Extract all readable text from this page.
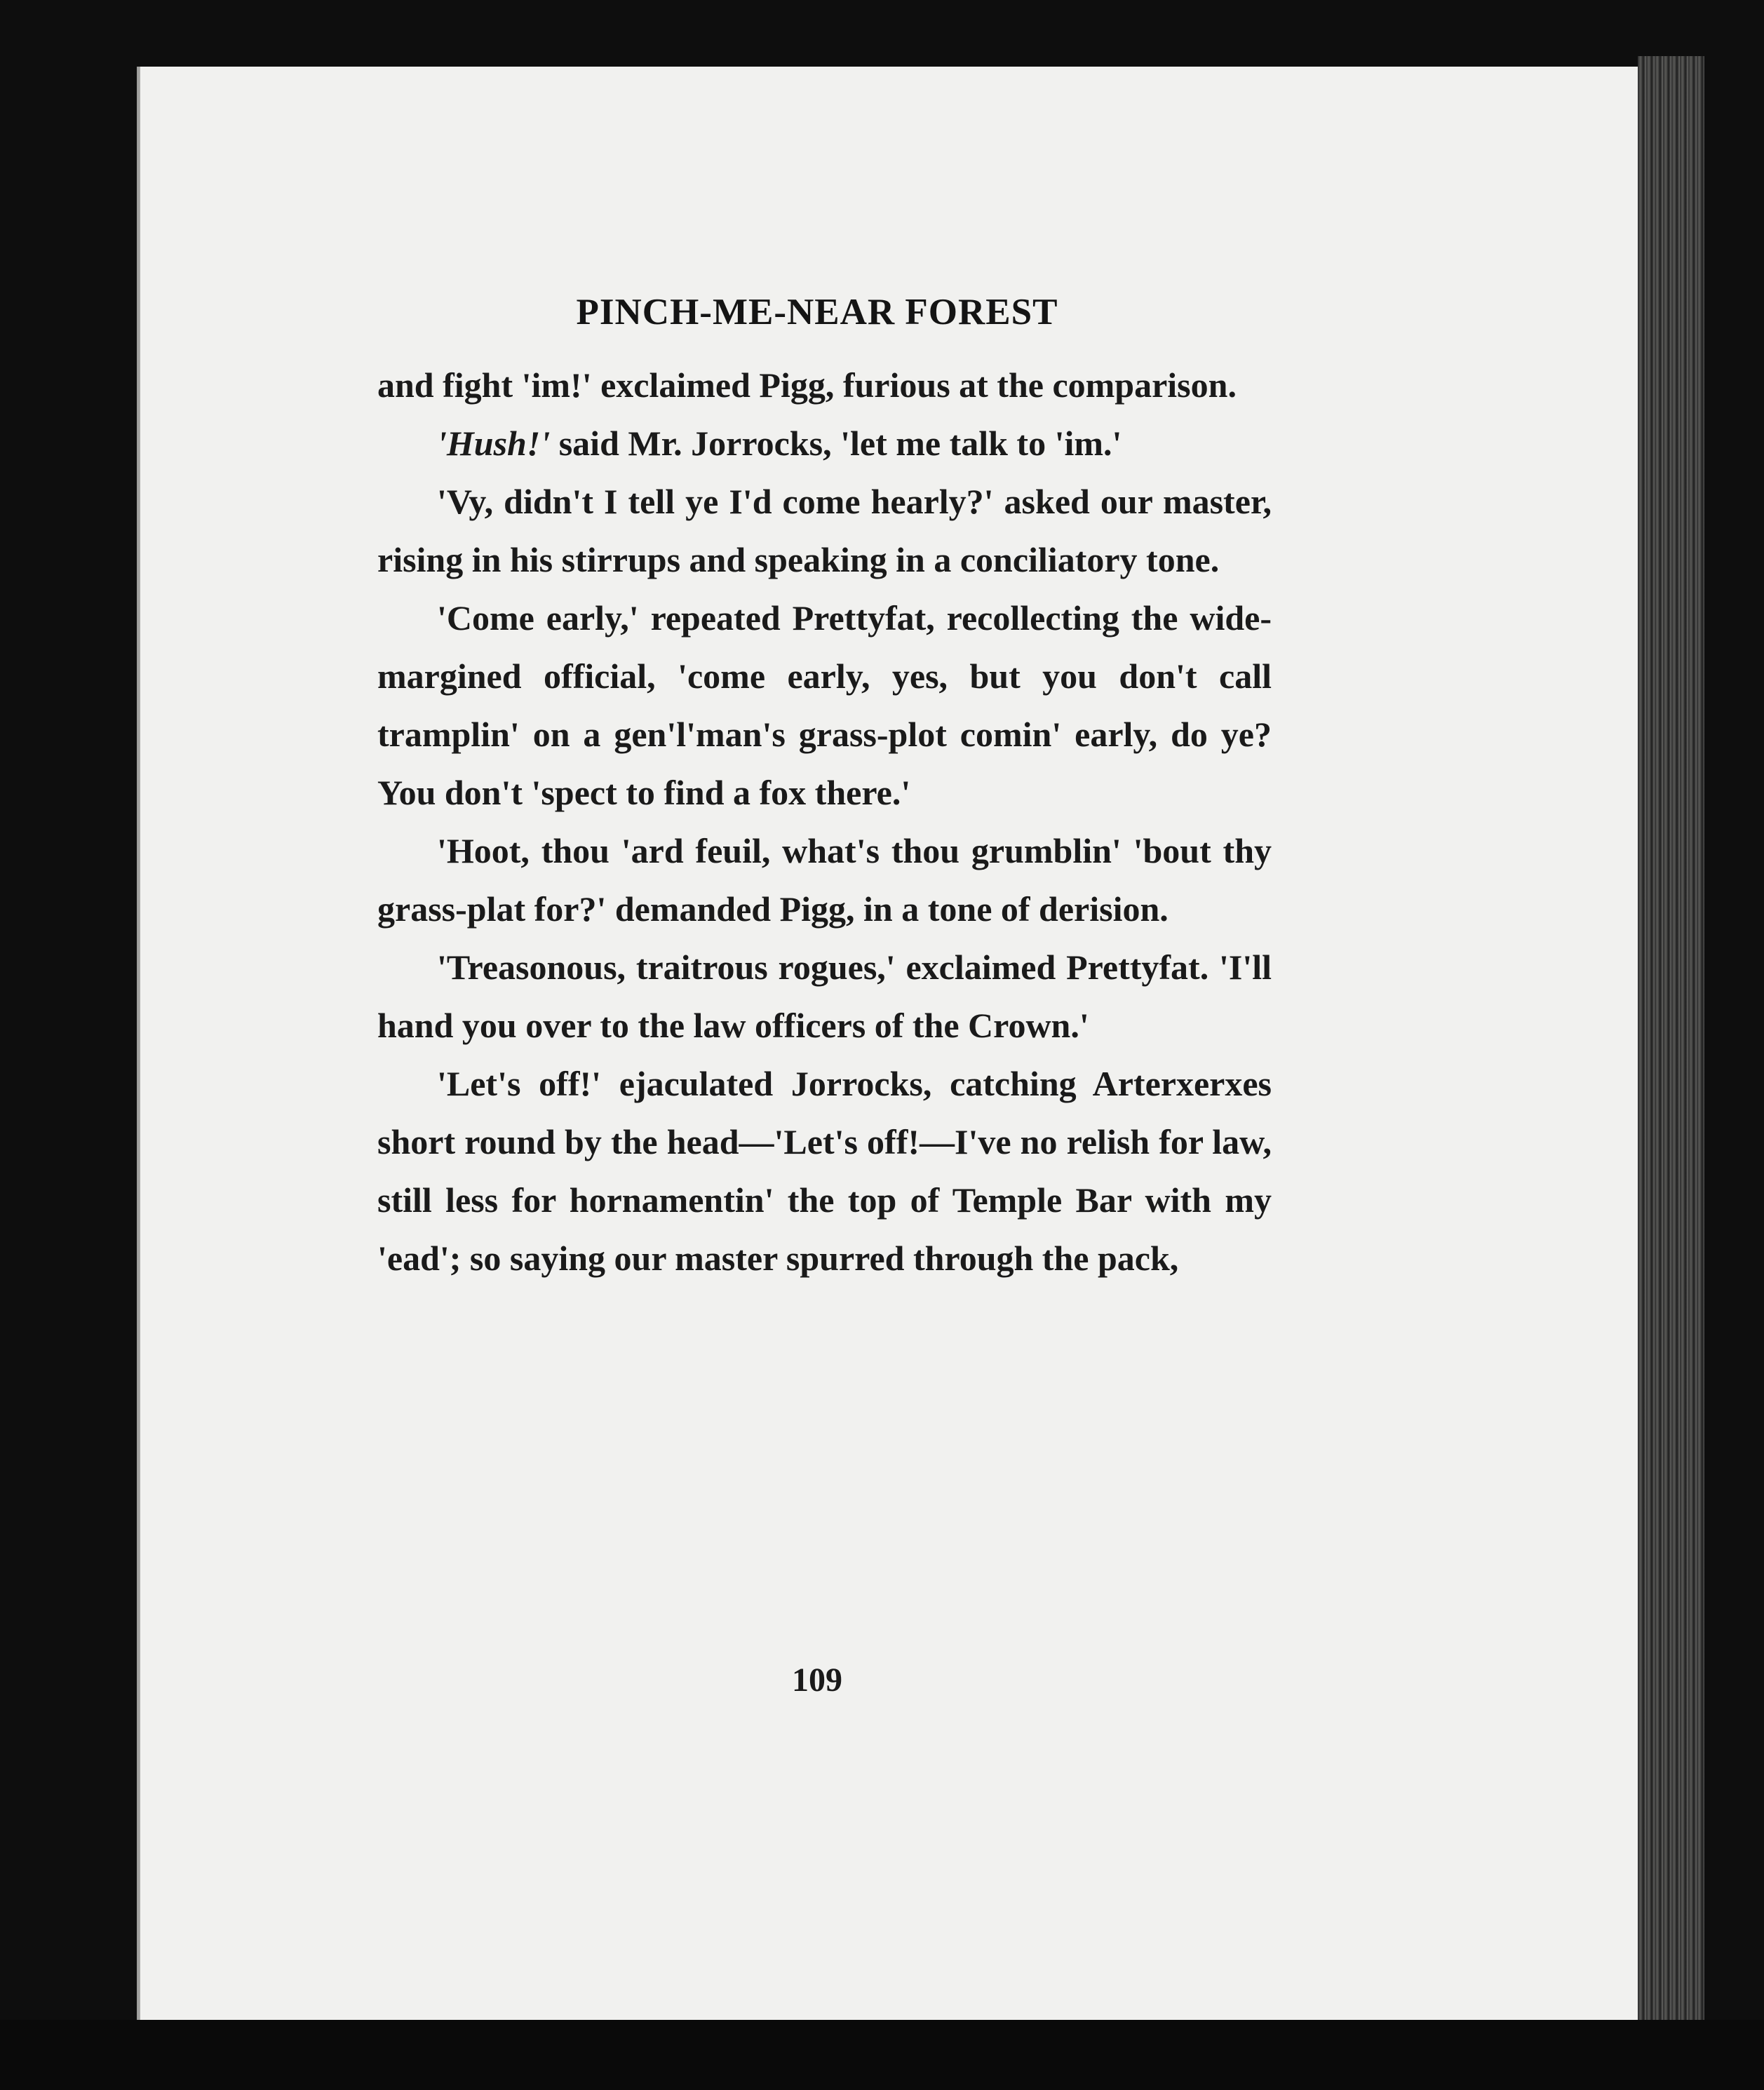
PINCH-ME-NEAR FOREST

and fight 'im!' exclaimed Pigg, furious at the comparison.

'Hush!' said Mr. Jorrocks, 'let me talk to 'im.'

'Vy, didn't I tell ye I'd come hearly?' asked our master, rising in his stirrups and speaking in a conciliatory tone.

'Come early,' repeated Prettyfat, recollecting the wide-margined official, 'come early, yes, but you don't call tramplin' on a gen'l'man's grass-plot comin' early, do ye? You don't 'spect to find a fox there.'

'Hoot, thou 'ard feuil, what's thou grumblin' 'bout thy grass-plat for?' demanded Pigg, in a tone of derision.

'Treasonous, traitrous rogues,' exclaimed Prettyfat. 'I'll hand you over to the law officers of the Crown.'

'Let's off!' ejaculated Jorrocks, catching Arterxerxes short round by the head—'Let's off!—I've no relish for law, still less for hornamentin' the top of Temple Bar with my 'ead'; so saying our master spurred through the pack,

109
